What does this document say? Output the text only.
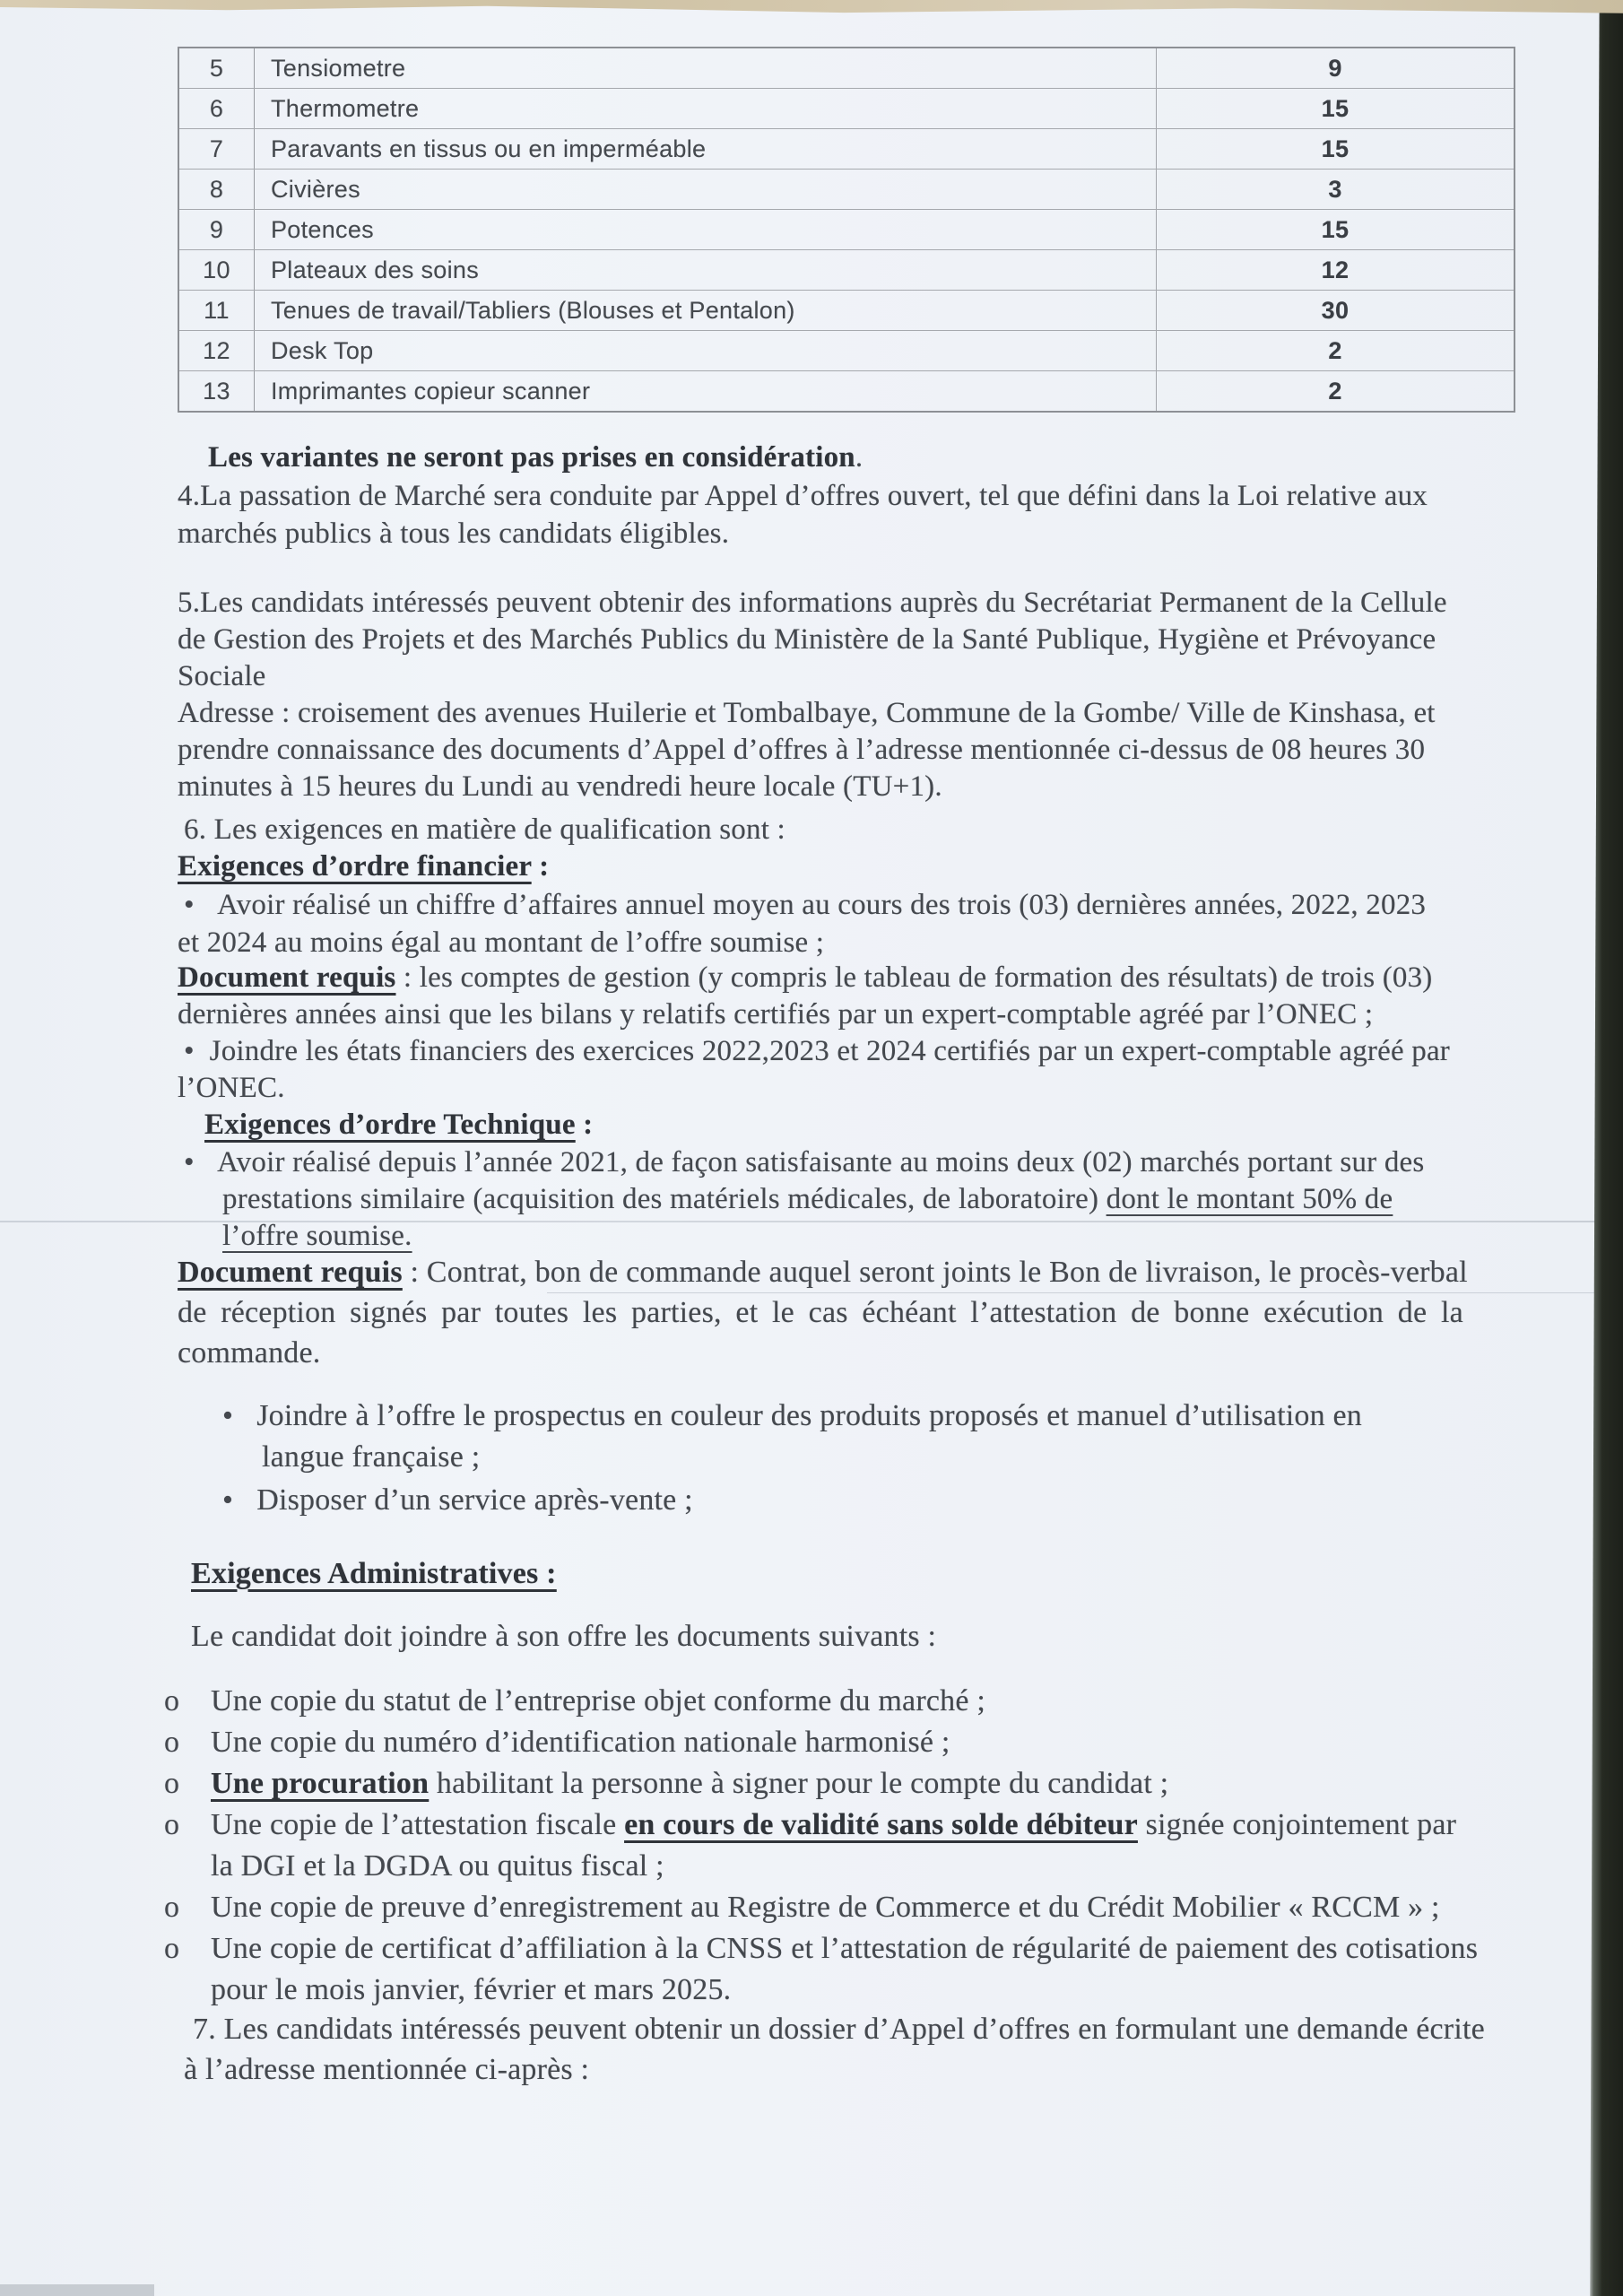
5	Tensiometre	9
6	Thermometre	15
7	Paravants en tissus ou en imperméable	15
8	Civières	3
9	Potences	15
10	Plateaux des soins	12
11	Tenues de travail/Tabliers (Blouses et Pentalon)	30
12	Desk Top	2
13	Imprimantes copieur scanner	2
Les variantes ne seront pas prises en considération.
4.La passation de Marché sera conduite par Appel d’offres ouvert, tel que défini dans la Loi relative aux
marchés publics à tous les candidats éligibles.
5.Les candidats intéressés peuvent obtenir des informations auprès du Secrétariat Permanent de la Cellule
de Gestion des Projets et des Marchés Publics du Ministère de la Santé Publique, Hygiène et Prévoyance
Sociale
Adresse : croisement des avenues Huilerie et Tombalbaye, Commune de la Gombe/ Ville de Kinshasa, et
prendre connaissance des documents d’Appel d’offres à l’adresse mentionnée ci-dessus de 08 heures 30
minutes à 15 heures du Lundi au vendredi heure locale (TU+1).
6. Les exigences en matière de qualification sont :
Exigences d’ordre financier :
•   Avoir réalisé un chiffre d’affaires annuel moyen au cours des trois (03) dernières années, 2022, 2023
et 2024 au moins égal au montant de l’offre soumise ;
Document requis : les comptes de gestion (y compris le tableau de formation des résultats) de trois (03)
dernières années ainsi que les bilans y relatifs certifiés par un expert-comptable agréé par l’ONEC ;
•  Joindre les états financiers des exercices 2022,2023 et 2024 certifiés par un expert-comptable agréé par
l’ONEC.
Exigences d’ordre Technique :
•   Avoir réalisé depuis l’année 2021, de façon satisfaisante au moins deux (02) marchés portant sur des
prestations similaire (acquisition des matériels médicales, de laboratoire) dont le montant 50% de
l’offre soumise.
Document requis : Contrat, bon de commande auquel seront joints le Bon de livraison, le procès-verbal
de réception signés par toutes les parties, et le cas échéant l’attestation de bonne exécution de la
commande.
•   Joindre à l’offre le prospectus en couleur des produits proposés et manuel d’utilisation en
langue française ;
•   Disposer d’un service après-vente ;
Exigences Administratives :
Le candidat doit joindre à son offre les documents suivants :
o    Une copie du statut de l’entreprise objet conforme du marché ;
o    Une copie du numéro d’identification nationale harmonisé ;
o    Une procuration habilitant la personne à signer pour le compte du candidat ;
o    Une copie de l’attestation fiscale en cours de validité sans solde débiteur signée conjointement par
la DGI et la DGDA ou quitus fiscal ;
o    Une copie de preuve d’enregistrement au Registre de Commerce et du Crédit Mobilier « RCCM » ;
o    Une copie de certificat d’affiliation à la CNSS et l’attestation de régularité de paiement des cotisations
pour le mois janvier, février et mars 2025.
7. Les candidats intéressés peuvent obtenir un dossier d’Appel d’offres en formulant une demande écrite
à l’adresse mentionnée ci-après :
